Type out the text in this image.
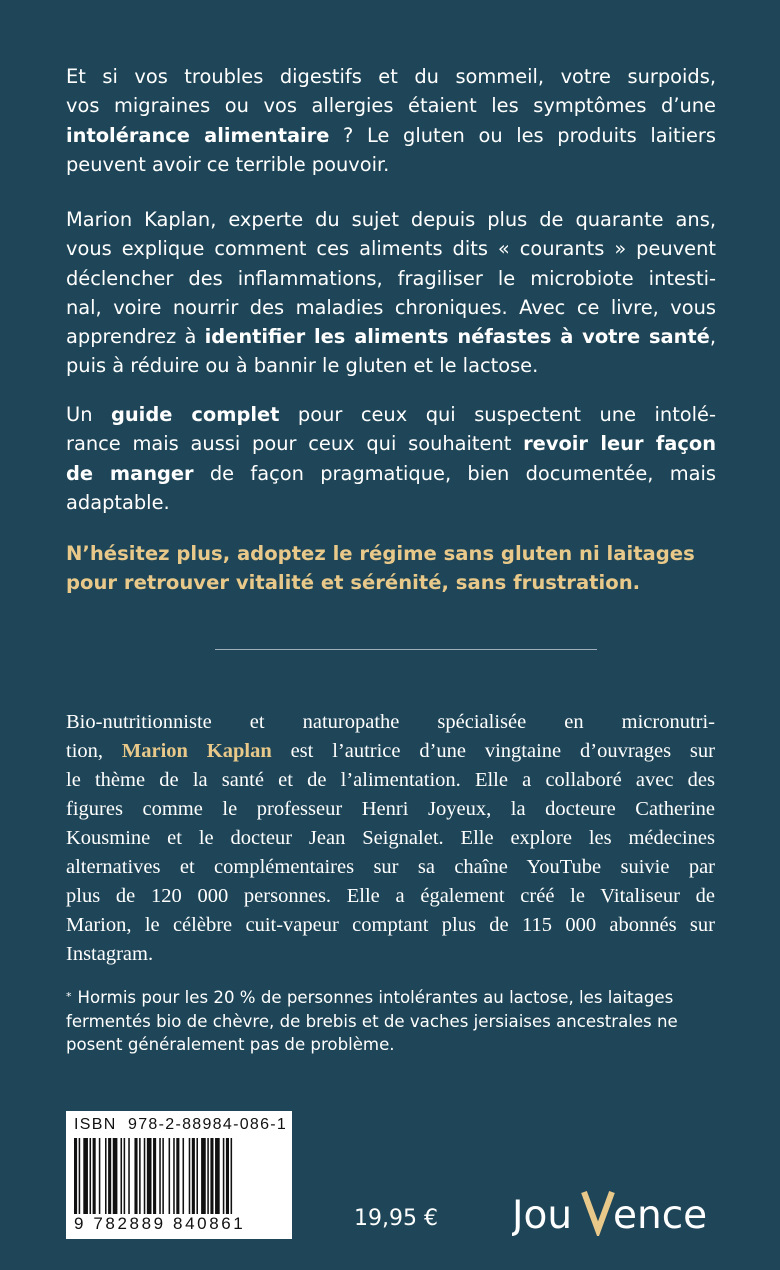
Et si vos troubles digestifs et du sommeil, votre surpoids,
vos migraines ou vos allergies étaient les symptômes d’une
intolérance alimentaire ? Le gluten ou les produits laitiers
peuvent avoir ce terrible pouvoir.
Marion Kaplan, experte du sujet depuis plus de quarante ans,
vous explique comment ces aliments dits « courants » peuvent
déclencher des inflammations, fragiliser le microbiote intesti-
nal, voire nourrir des maladies chroniques. Avec ce livre, vous
apprendrez à identifier les aliments néfastes à votre santé,
puis à réduire ou à bannir le gluten et le lactose.
Un guide complet pour ceux qui suspectent une intolé-
rance mais aussi pour ceux qui souhaitent revoir leur façon
de manger de façon pragmatique, bien documentée, mais
adaptable.
N’hésitez plus, adoptez le régime sans gluten ni laitages
pour retrouver vitalité et sérénité, sans frustration.
Bio-nutritionniste et naturopathe spécialisée en micronutri-
tion, Marion Kaplan est l’autrice d’une vingtaine d’ouvrages sur
le thème de la santé et de l’alimentation. Elle a collaboré avec des
figures comme le professeur Henri Joyeux, la docteure Catherine
Kousmine et le docteur Jean Seignalet. Elle explore les médecines
alternatives et complémentaires sur sa chaîne YouTube suivie par
plus de 120 000 personnes. Elle a également créé le Vitaliseur de
Marion, le célèbre cuit-vapeur comptant plus de 115 000 abonnés sur
Instagram.
* Hormis pour les 20 % de personnes intolérantes au lactose, les laitages
fermentés bio de chèvre, de brebis et de vaches jersiaises ancestrales ne
posent généralement pas de problème.
ISBN  978-2-88984-086-1
9 782889 840861	19,95 € Jou ence
